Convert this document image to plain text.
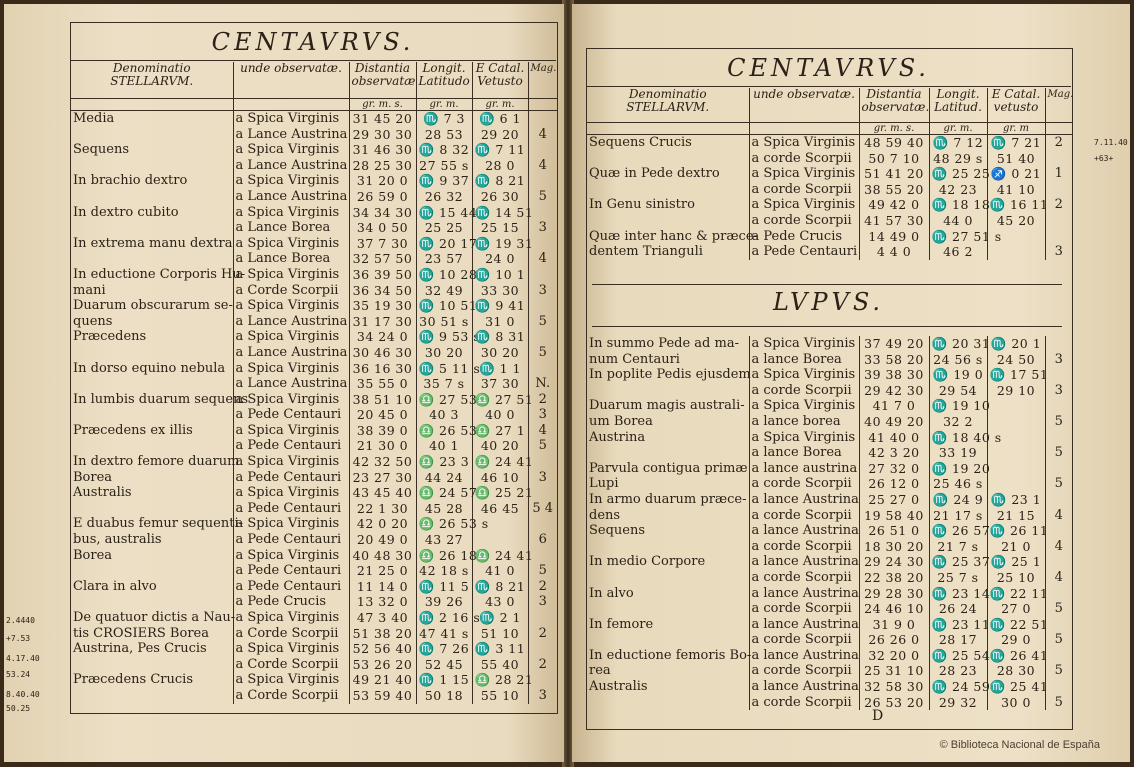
CENTAVRVS.
Denominatio STELLARVM.	unde observatæ.	Distantia observatæ	Longit. Latitudo	E Catal. Vetusto	Mag.
		gr. m. s.	gr. m.	gr. m.	
Media	a Spica Virginis	31 45 20	♏ 7 3	♏ 6 1	
	a Lance Austrina	29 30 30	28 53	29 20	4
Sequens	a Spica Virginis	31 46 30	♏ 8 32	♏ 7 11	
	a Lance Austrina	28 25 30	27 55 s	28 0	4
In brachio dextro	a Spica Virginis	31 20 0	♏ 9 37	♏ 8 21	
	a Lance Austrina	26 59 0	26 32	26 30	5
In dextro cubito	a Spica Virginis	34 34 30	♏ 15 44	♏ 14 51	
	a Lance Borea	34 0 50	25 25	25 15	3
In extrema manu dextra	a Spica Virginis	37 7 30	♏ 20 17 s	♏ 19 31	
	a Lance Borea	32 57 50	23 57	24 0	4
In eductione Corporis Hu-	a Spica Virginis	36 39 50	♏ 10 28 s	♏ 10 1	
mani	a Corde Scorpii	36 34 50	32 49	33 30	3
Duarum obscurarum se-	a Spica Virginis	35 19 30	♏ 10 51 s	♏ 9 41	
quens	a Lance Austrina	31 17 30	30 51 s	31 0	5
Præcedens	a Spica Virginis	34 24 0	♏ 9 53 s	♏ 8 31	
	a Lance Austrina	30 46 30	30 20	30 20	5
In dorso equino nebula	a Spica Virginis	36 16 30	♏ 5 11 s	♏ 1 1	
	a Lance Austrina	35 55 0	35 7 s	37 30	N.
In lumbis duarum sequens	a Spica Virginis	38 51 10	♎ 27 53	♎ 27 51	2
	a Pede Centauri	20 45 0	40 3	40 0	3
Præcedens ex illis	a Spica Virginis	38 39 0	♎ 26 53	♎ 27 1	4
	a Pede Centauri	21 30 0	40 1	40 20	5
In dextro femore duarum	a Spica Virginis	42 32 50	♎ 23 3	♎ 24 41	
Borea	a Pede Centauri	23 27 30	44 24	46 10	3
Australis	a Spica Virginis	43 45 40	♎ 24 57	♎ 25 21	
	a Pede Centauri	22 1 30	45 28	46 45	5 4
E duabus femur sequenti-	a Spica Virginis	42 0 20	♎ 26 53 s		
bus, australis	a Pede Centauri	20 49 0	43 27		6
Borea	a Spica Virginis	40 48 30	♎ 26 18	♎ 24 41	
	a Pede Centauri	21 25 0	42 18 s	41 0	5
Clara in alvo	a Pede Centauri	11 14 0	♏ 11 5	♏ 8 21	2
	a Pede Crucis	13 32 0	39 26	43 0	3
De quatuor dictis a Nau-	a Spica Virginis	47 3 40	♏ 2 16 s	♏ 2 1	
tis CROSIERS Borea	a Corde Scorpii	51 38 20	47 41 s	51 10	2
Austrina, Pes Crucis	a Spica Virginis	52 56 40	♏ 7 26	♏ 3 11	
	a Corde Scorpii	53 26 20	52 45	55 40	2
Præcedens Crucis	a Spica Virginis	49 21 40	♏ 1 15	♎ 28 21	
	a Corde Scorpii	53 59 40	50 18	55 10	3
2.4440
+7.53
4.17.40
53.24
8.40.40
50.25
CENTAVRVS.
Denominatio STELLARVM.	unde observatæ.	Distantia observatæ.	Longit. Latitud.	E Catal. vetusto	Mag.
		gr. m. s.	gr. m.	gr. m	
Sequens Crucis	a Spica Virginis	48 59 40	♏ 7 12	♏ 7 21	2
	a corde Scorpii	50 7 10	48 29 s	51 40	
Quæ in Pede dextro	a Spica Virginis	51 41 20	♏ 25 25	♐ 0 21	1
	a corde Scorpii	38 55 20	42 23	41 10	
In Genu sinistro	a Spica Virginis	49 42 0	♏ 18 18 s	♏ 16 11	2
	a corde Scorpii	41 57 30	44 0	45 20	
Quæ inter hanc & præce-	a Pede Crucis	14 49 0	♏ 27 51 s		
dentem Trianguli	a Pede Centauri	4 4 0	46 2		3
LVPVS.
In summo Pede ad ma-	a Spica Virginis	37 49 20	♏ 20 31	♏ 20 1	
num Centauri	a lance Borea	33 58 20	24 56 s	24 50	3
In poplite Pedis ejusdem	a Spica Virginis	39 38 30	♏ 19 0	♏ 17 51	
	a corde Scorpii	29 42 30	29 54	29 10	3
Duarum magis australi-	a Spica Virginis	41 7 0	♏ 19 10		
um Borea	a lance borea	40 49 20	32 2		5
Austrina	a Spica Virginis	41 40 0	♏ 18 40 s		
	a lance Borea	42 3 20	33 19		5
Parvula contigua primæ	a lance austrina	27 32 0	♏ 19 20		
Lupi	a corde Scorpii	26 12 0	25 46 s		5
In armo duarum præce-	a lance Austrina	25 27 0	♏ 24 9	♏ 23 1	
dens	a corde Scorpii	19 58 40	21 17 s	21 15	4
Sequens	a lance Austrina	26 51 0	♏ 26 57 s	♏ 26 11	
	a corde Scorpii	18 30 20	21 7 s	21 0	4
In medio Corpore	a lance Austrina	29 24 30	♏ 25 37	♏ 25 1	
	a corde Scorpii	22 38 20	25 7 s	25 10	4
In alvo	a lance Austrina	29 28 30	♏ 23 14	♏ 22 11	
	a corde Scorpii	24 46 10	26 24	27 0	5
In femore	a lance Austrina	31 9 0	♏ 23 11	♏ 22 51	
	a corde Scorpii	26 26 0	28 17	29 0	5
In eductione femoris Bo-	a lance Austrina	32 20 0	♏ 25 54	♏ 26 41	
rea	a corde Scorpii	25 31 10	28 23	28 30	5
Australis	a lance Austrina	32 58 30	♏ 24 59 s	♏ 25 41	
	a corde Scorpii	26 53 20	29 32	30 0	5
D
7.11.40
+63+
© Biblioteca Nacional de España
